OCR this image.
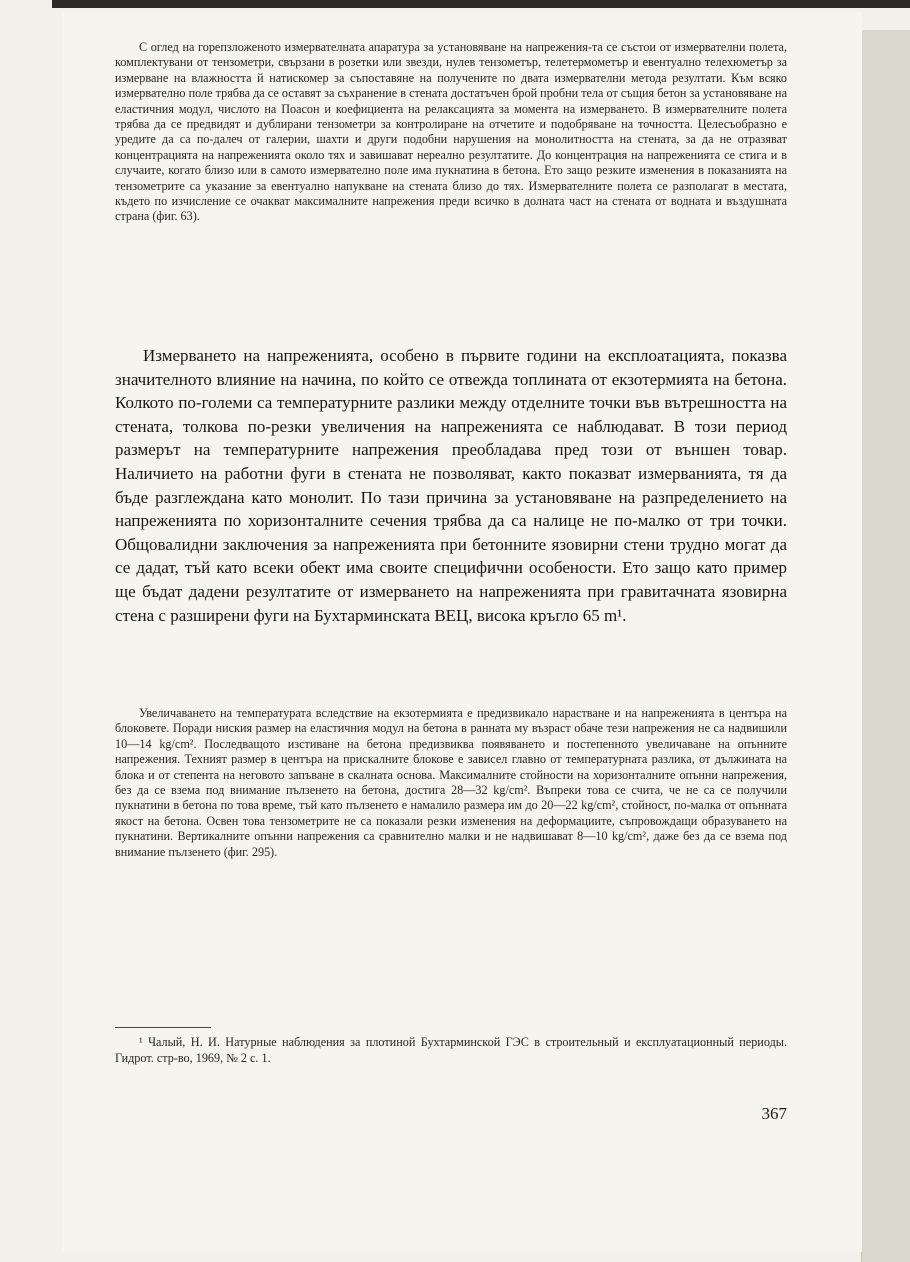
С оглед на горепзложеното измервателната апаратура за установяване на напрежения-та се състои от измервателни полета, комплектувани от тензометри, свързани в розетки или звезди, нулев тензометър, телетермометър и евентуално телехюметър за измерване на влажността й натискомер за съпоставяне на получените по двата измервателни метода резултати. Към всяко измервателно поле трябва да се оставят за съхранение в стената достатъчен брой пробни тела от същия бетон за установяване на еластичния модул, числото на Поасон и коефициента на релаксацията за момента на измерването. В измервателните полета трябва да се предвидят и дублирани тензометри за контролиране на отчетите и подобряване на точността. Целесъобразно е уредите да са по-далеч от галерии, шахти и други подобни нарушения на монолитността на стената, за да не отразяват концентрацията на напреженията около тях и завишават нереално резултатите. До концентрация на напреженията се стига и в случаите, когато близо или в самото измервателно поле има пукнатина в бетона. Ето защо резките изменения в показанията на тензометрите са указание за евентуално напукване на стената близо до тях. Измервателните полета се разполагат в местата, където по изчисление се очакват максималните напрежения преди всичко в долната част на стената от водната и въздушната страна (фиг. 63).

Измерването на напреженията, особено в първите години на експлоатацията, показва значителното влияние на начина, по който се отвежда топлината от екзотермията на бетона. Колкото по-големи са температурните разлики между отделните точки във вътрешността на стената, толкова по-резки увеличения на напреженията се наблюдават. В този период размерът на температурните напрежения преобладава пред този от външен товар. Наличието на работни фуги в стената не позволяват, както показват измерванията, тя да бъде разглеждана като монолит. По тази причина за установяване на разпределението на напреженията по хоризонталните сечения трябва да са налице не по-малко от три точки. Общовалидни заключения за напреженията при бетонните язовирни стени трудно могат да се дадат, тъй като всеки обект има своите специфични особености. Ето защо като пример ще бъдат дадени резултатите от измерването на напреженията при гравитачната язовирна стена с разширени фуги на Бухтарминската ВЕЦ, висока кръгло 65 m¹.

Увеличаването на температурата вследствие на екзотермията е предизвикало нарастване и на напреженията в центъра на блоковете. Поради ниския размер на еластичния модул на бетона в ранната му възраст обаче тези напрежения не са надвишили 10—14 kg/cm². Последващото изстиване на бетона предизвиква появяването и постепенното увеличаване на опънните напрежения. Техният размер в центъра на прискалните блокове е зависел главно от температурната разлика, от дължината на блока и от степента на неговото запъване в скалната основа. Максималните стойности на хоризонталните опънни напрежения, без да се взема под внимание пълзенето на бетона, достига 28—32 kg/cm². Въпреки това се счита, че не са се получили пукнатини в бетона по това време, тъй като пълзенето е намалило размера им до 20—22 kg/cm², стойност, по-малка от опънната якост на бетона. Освен това тензометрите не са показали резки изменения на деформациите, съпровождащи образуването на пукнатини. Вертикалните опънни напрежения са сравнително малки и не надвишават 8—10 kg/cm², даже без да се взема под внимание пълзенето (фиг. 295).

¹ Чалый, Н. И. Натурные наблюдения за плотиной Бухтарминской ГЭС в строительный и експлуатационный периоды. Гидрот. стр-во, 1969, № 2 с. 1.

367
